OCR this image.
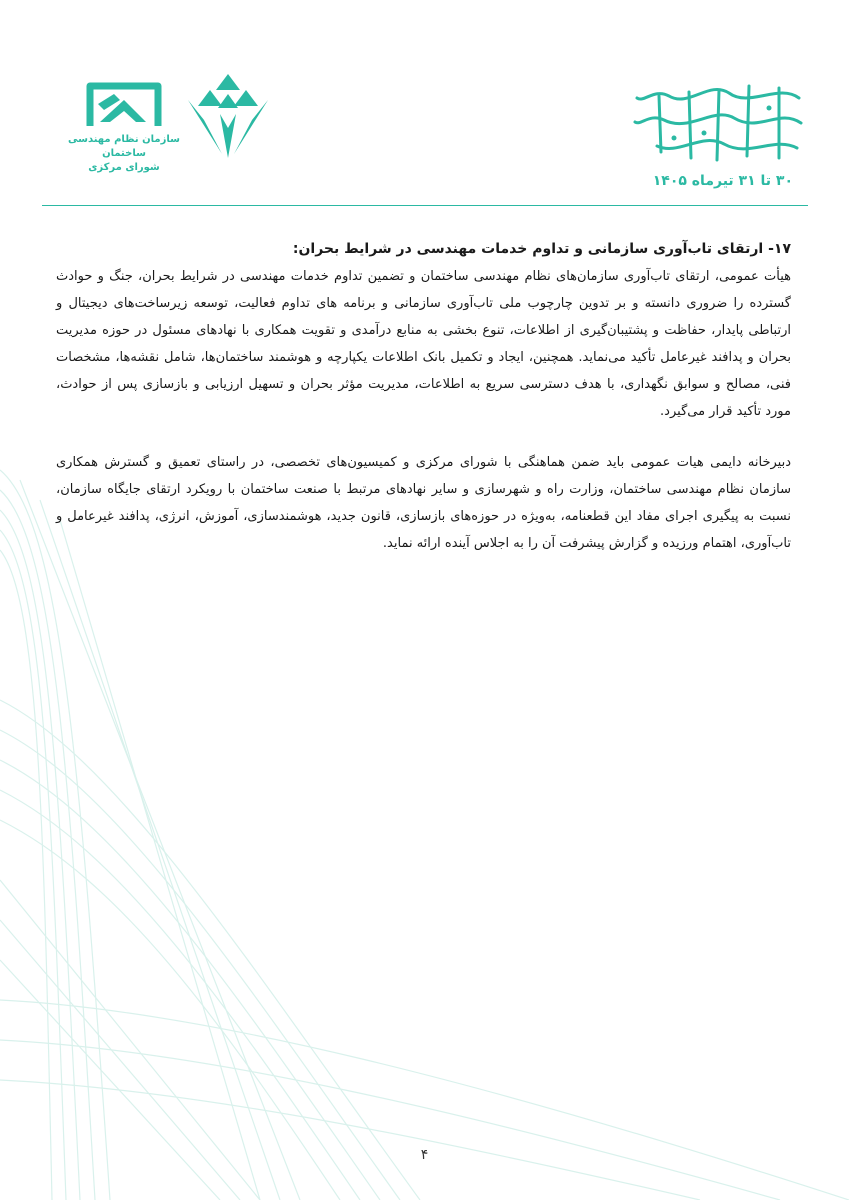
۳۰ تا ۳۱ تیرماه ۱۴۰۵
سازمان نظام مهندسی ساختمان
شورای مرکزی

۱۷- ارتقای تاب‌آوری سازمانی و تداوم خدمات مهندسی در شرایط بحران:

هیأت عمومی، ارتقای تاب‌آوری سازمان‌های نظام مهندسی ساختمان و تضمین تداوم خدمات مهندسی در شرایط بحران، جنگ و حوادث گسترده را ضروری دانسته و بر تدوین چارچوب ملی تاب‌آوری سازمانی و برنامه های تداوم فعالیت، توسعه زیرساخت‌های دیجیتال و ارتباطی پایدار، حفاظت و پشتیبان‌گیری از اطلاعات، تنوع بخشی به منابع درآمدی و تقویت همکاری با نهادهای مسئول در حوزه مدیریت بحران و پدافند غیرعامل تأکید می‌نماید. همچنین، ایجاد و تکمیل بانک اطلاعات یکپارچه و هوشمند ساختمان‌ها، شامل نقشه‌ها، مشخصات فنی، مصالح و سوابق نگهداری، با هدف دسترسی سریع به اطلاعات، مدیریت مؤثر بحران و تسهیل ارزیابی و بازسازی پس از حوادث، مورد تأکید قرار می‌گیرد.

دبیرخانه دایمی هیات عمومی باید ضمن هماهنگی با شورای مرکزی و کمیسیون‌های تخصصی، در راستای تعمیق و گسترش همکاری سازمان نظام مهندسی ساختمان، وزارت راه و شهرسازی و سایر نهادهای مرتبط با صنعت ساختمان با رویکرد ارتقای جایگاه سازمان، نسبت به پیگیری اجرای مفاد این قطعنامه، به‌ویژه در حوزه‌های بازسازی، قانون جدید، هوشمندسازی، آموزش، انرژی، پدافند غیرعامل و تاب‌آوری، اهتمام ورزیده و گزارش پیشرفت آن را به اجلاس آینده ارائه نماید.

۴
